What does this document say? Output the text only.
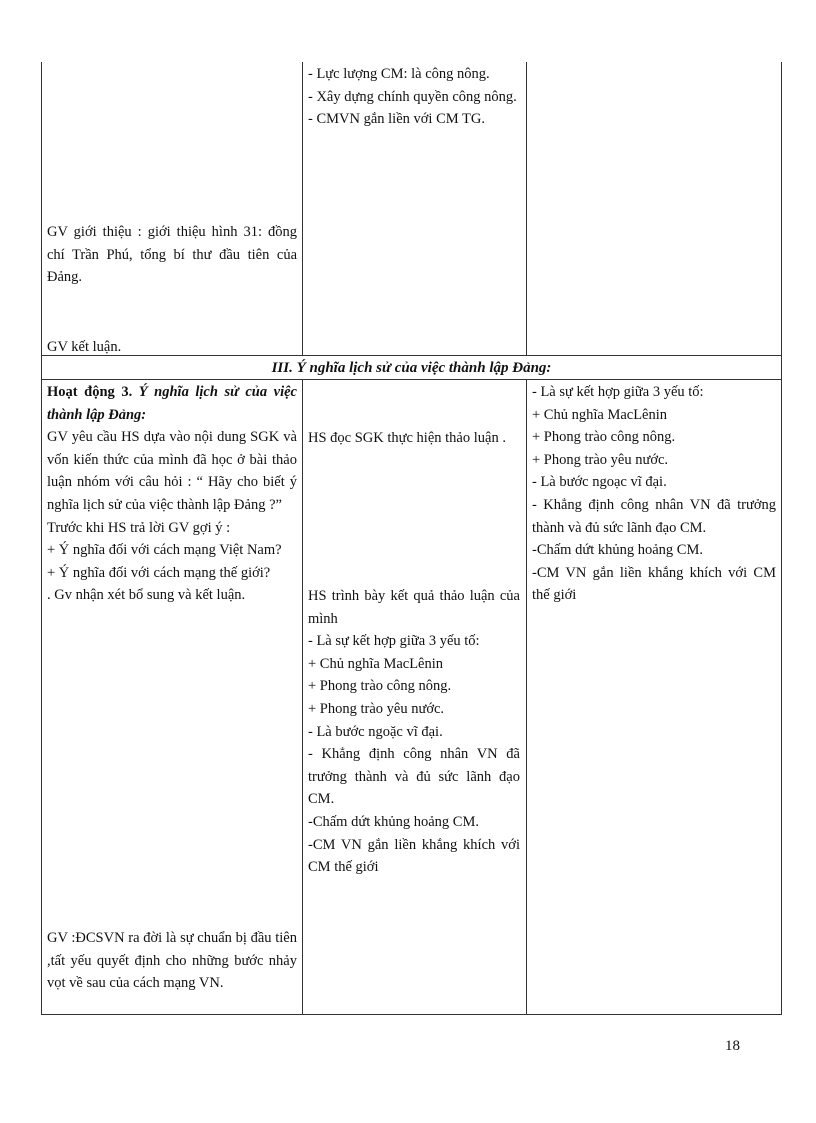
GV giới thiệu : giới thiệu hình 31: đồng chí Trần Phú, tổng bí thư đầu tiên của Đảng.

GV kết luận.

- Lực lượng CM: là công nông.

- Xây dựng chính quyền công nông.

- CMVN gắn liền với CM TG.

III. Ý nghĩa lịch sử của việc thành lập Đảng:

Hoạt động 3. Ý nghĩa lịch sử của việc thành lập Đảng:

GV yêu cầu HS dựa vào nội dung SGK và vốn kiến thức của mình đã học ở bài thảo luận nhóm với câu hỏi : “ Hãy cho biết ý nghĩa lịch sử của việc thành lập Đảng ?”

Trước khi HS trả lời GV gợi ý :

+ Ý nghĩa đối với cách mạng Việt Nam?

+ Ý nghĩa đối với cách mạng thế giới?

. Gv nhận xét bổ sung và kết luận.

GV :ĐCSVN ra đời là sự chuẩn bị đầu tiên ,tất yếu quyết định cho những bước nhảy vọt về sau của cách mạng VN.

HS đọc SGK thực hiện thảo luận .

HS trình bày kết quả thảo luận của mình

- Là sự kết hợp giữa 3 yếu tố:

+ Chủ nghĩa MacLênin

+ Phong trào công nông.

+ Phong trào yêu nước.

- Là bước ngoặc vĩ đại.

- Khẳng định công nhân VN đã trưởng thành và đủ sức lãnh đạo CM.

-Chấm dứt khủng hoảng CM.

-CM VN gắn liền khắng khích với CM thế giới

- Là sự kết hợp giữa 3 yếu tố:

+ Chủ nghĩa MacLênin

+ Phong trào công nông.

+ Phong trào yêu nước.

- Là bước ngoạc vĩ đại.

- Khẳng định công nhân VN đã trưởng thành và đủ sức lãnh đạo CM.

-Chấm dứt khủng hoảng CM.

-CM VN gắn liền khắng khích với CM thế giới

18
